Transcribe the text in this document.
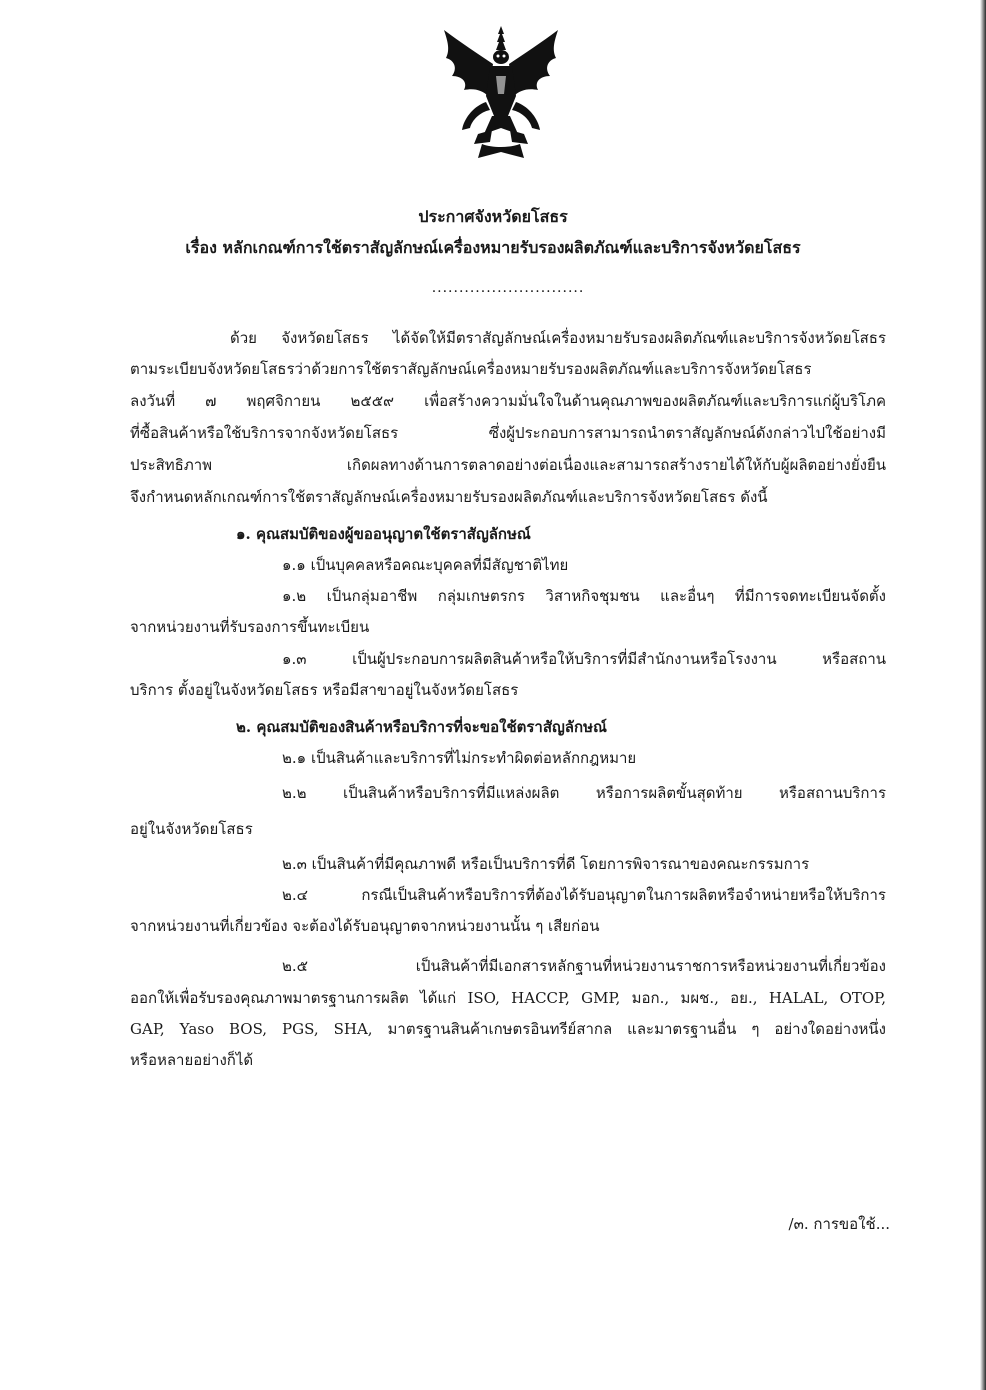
ประกาศจังหวัดยโสธร
เรื่อง หลักเกณฑ์การใช้ตราสัญลักษณ์เครื่องหมายรับรองผลิตภัณฑ์และบริการจังหวัดยโสธร
............................
ด้วย จังหวัดยโสธร ได้จัดให้มีตราสัญลักษณ์เครื่องหมายรับรองผลิตภัณฑ์และบริการจังหวัดยโสธร
ตามระเบียบจังหวัดยโสธรว่าด้วยการใช้ตราสัญลักษณ์เครื่องหมายรับรองผลิตภัณฑ์และบริการจังหวัดยโสธร
ลงวันที่ ๗ พฤศจิกายน ๒๕๕๙ เพื่อสร้างความมั่นใจในด้านคุณภาพของผลิตภัณฑ์และบริการแก่ผู้บริโภค
ที่ซื้อสินค้าหรือใช้บริการจากจังหวัดยโสธร ซึ่งผู้ประกอบการสามารถนำตราสัญลักษณ์ดังกล่าวไปใช้อย่างมี
ประสิทธิภาพ เกิดผลทางด้านการตลาดอย่างต่อเนื่องและสามารถสร้างรายได้ให้กับผู้ผลิตอย่างยั่งยืน
จึงกำหนดหลักเกณฑ์การใช้ตราสัญลักษณ์เครื่องหมายรับรองผลิตภัณฑ์และบริการจังหวัดยโสธร ดังนี้
๑. คุณสมบัติของผู้ขออนุญาตใช้ตราสัญลักษณ์
๑.๑ เป็นบุคคลหรือคณะบุคคลที่มีสัญชาติไทย
๑.๒ เป็นกลุ่มอาชีพ กลุ่มเกษตรกร วิสาหกิจชุมชน และอื่นๆ ที่มีการจดทะเบียนจัดตั้ง
จากหน่วยงานที่รับรองการขึ้นทะเบียน
๑.๓ เป็นผู้ประกอบการผลิตสินค้าหรือให้บริการที่มีสำนักงานหรือโรงงาน หรือสถาน
บริการ ตั้งอยู่ในจังหวัดยโสธร หรือมีสาขาอยู่ในจังหวัดยโสธร
๒. คุณสมบัติของสินค้าหรือบริการที่จะขอใช้ตราสัญลักษณ์
๒.๑ เป็นสินค้าและบริการที่ไม่กระทำผิดต่อหลักกฎหมาย
๒.๒ เป็นสินค้าหรือบริการที่มีแหล่งผลิต หรือการผลิตขั้นสุดท้าย หรือสถานบริการ
อยู่ในจังหวัดยโสธร
๒.๓ เป็นสินค้าที่มีคุณภาพดี หรือเป็นบริการที่ดี โดยการพิจารณาของคณะกรรมการ
๒.๔ กรณีเป็นสินค้าหรือบริการที่ต้องได้รับอนุญาตในการผลิตหรือจำหน่ายหรือให้บริการ
จากหน่วยงานที่เกี่ยวข้อง จะต้องได้รับอนุญาตจากหน่วยงานนั้น ๆ เสียก่อน
๒.๕ เป็นสินค้าที่มีเอกสารหลักฐานที่หน่วยงานราชการหรือหน่วยงานที่เกี่ยวข้อง
ออกให้เพื่อรับรองคุณภาพมาตรฐานการผลิต ได้แก่ ISO, HACCP, GMP, มอก., มผช., อย., HALAL, OTOP,
GAP, Yaso BOS, PGS, SHA, มาตรฐานสินค้าเกษตรอินทรีย์สากล และมาตรฐานอื่น ๆ อย่างใดอย่างหนึ่ง
หรือหลายอย่างก็ได้
/๓. การขอใช้...
